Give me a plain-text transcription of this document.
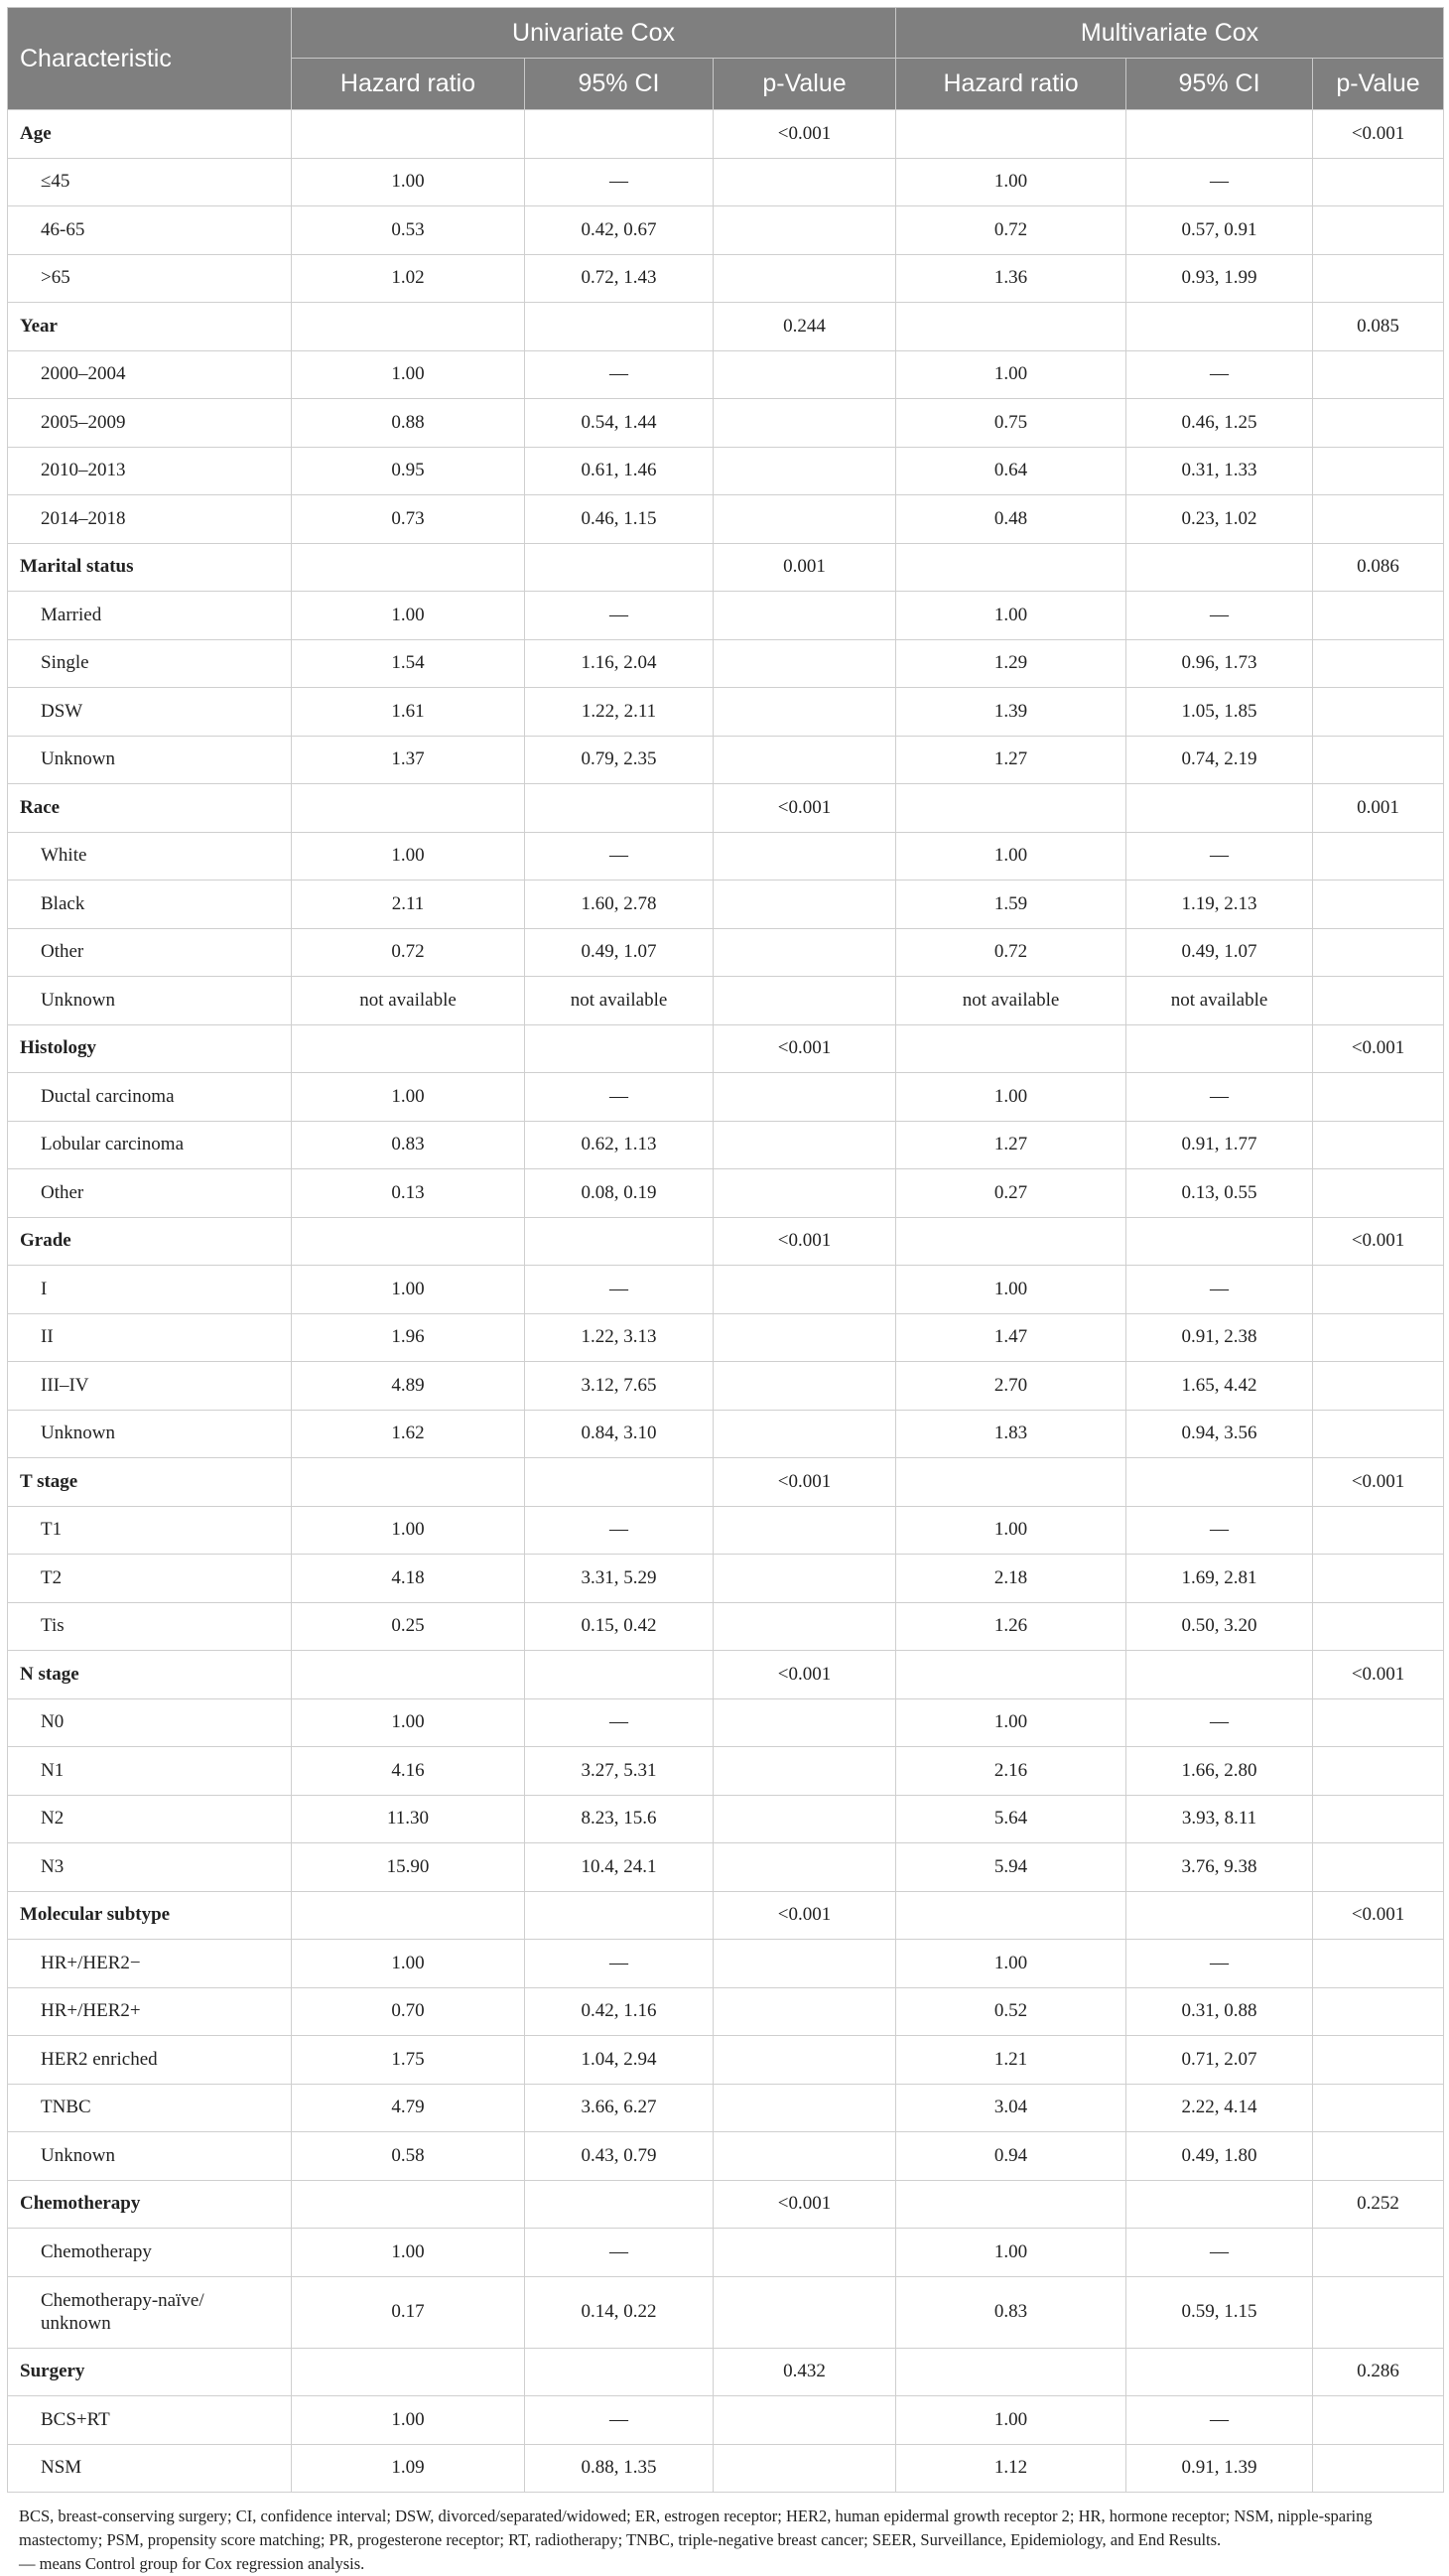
Characteristic	Univariate Cox			Multivariate Cox		
	Hazard ratio	95% CI	p-Value	Hazard ratio	95% CI	p-Value
Age			<0.001			<0.001
≤45	1.00	—		1.00	—	
46-65	0.53	0.42, 0.67		0.72	0.57, 0.91	
>65	1.02	0.72, 1.43		1.36	0.93, 1.99	
Year			0.244			0.085
2000–2004	1.00	—		1.00	—	
2005–2009	0.88	0.54, 1.44		0.75	0.46, 1.25	
2010–2013	0.95	0.61, 1.46		0.64	0.31, 1.33	
2014–2018	0.73	0.46, 1.15		0.48	0.23, 1.02	
Marital status			0.001			0.086
Married	1.00	—		1.00	—	
Single	1.54	1.16, 2.04		1.29	0.96, 1.73	
DSW	1.61	1.22, 2.11		1.39	1.05, 1.85	
Unknown	1.37	0.79, 2.35		1.27	0.74, 2.19	
Race			<0.001			0.001
White	1.00	—		1.00	—	
Black	2.11	1.60, 2.78		1.59	1.19, 2.13	
Other	0.72	0.49, 1.07		0.72	0.49, 1.07	
Unknown	not available	not available		not available	not available	
Histology			<0.001			<0.001
Ductal carcinoma	1.00	—		1.00	—	
Lobular carcinoma	0.83	0.62, 1.13		1.27	0.91, 1.77	
Other	0.13	0.08, 0.19		0.27	0.13, 0.55	
Grade			<0.001			<0.001
I	1.00	—		1.00	—	
II	1.96	1.22, 3.13		1.47	0.91, 2.38	
III–IV	4.89	3.12, 7.65		2.70	1.65, 4.42	
Unknown	1.62	0.84, 3.10		1.83	0.94, 3.56	
T stage			<0.001			<0.001
T1	1.00	—		1.00	—	
T2	4.18	3.31, 5.29		2.18	1.69, 2.81	
Tis	0.25	0.15, 0.42		1.26	0.50, 3.20	
N stage			<0.001			<0.001
N0	1.00	—		1.00	—	
N1	4.16	3.27, 5.31		2.16	1.66, 2.80	
N2	11.30	8.23, 15.6		5.64	3.93, 8.11	
N3	15.90	10.4, 24.1		5.94	3.76, 9.38	
Molecular subtype			<0.001			<0.001
HR+/HER2−	1.00	—		1.00	—	
HR+/HER2+	0.70	0.42, 1.16		0.52	0.31, 0.88	
HER2 enriched	1.75	1.04, 2.94		1.21	0.71, 2.07	
TNBC	4.79	3.66, 6.27		3.04	2.22, 4.14	
Unknown	0.58	0.43, 0.79		0.94	0.49, 1.80	
Chemotherapy			<0.001			0.252
Chemotherapy	1.00	—		1.00	—	
Chemotherapy-naïve/ unknown	0.17	0.14, 0.22		0.83	0.59, 1.15	
Surgery			0.432			0.286
BCS+RT	1.00	—		1.00	—	
NSM	1.09	0.88, 1.35		1.12	0.91, 1.39	

BCS, breast-conserving surgery; CI, confidence interval; DSW, divorced/separated/widowed; ER, estrogen receptor; HER2, human epidermal growth receptor 2; HR, hormone receptor; NSM, nipple-sparing mastectomy; PSM, propensity score matching; PR, progesterone receptor; RT, radiotherapy; TNBC, triple-negative breast cancer; SEER, Surveillance, Epidemiology, and End Results.

— means Control group for Cox regression analysis.
